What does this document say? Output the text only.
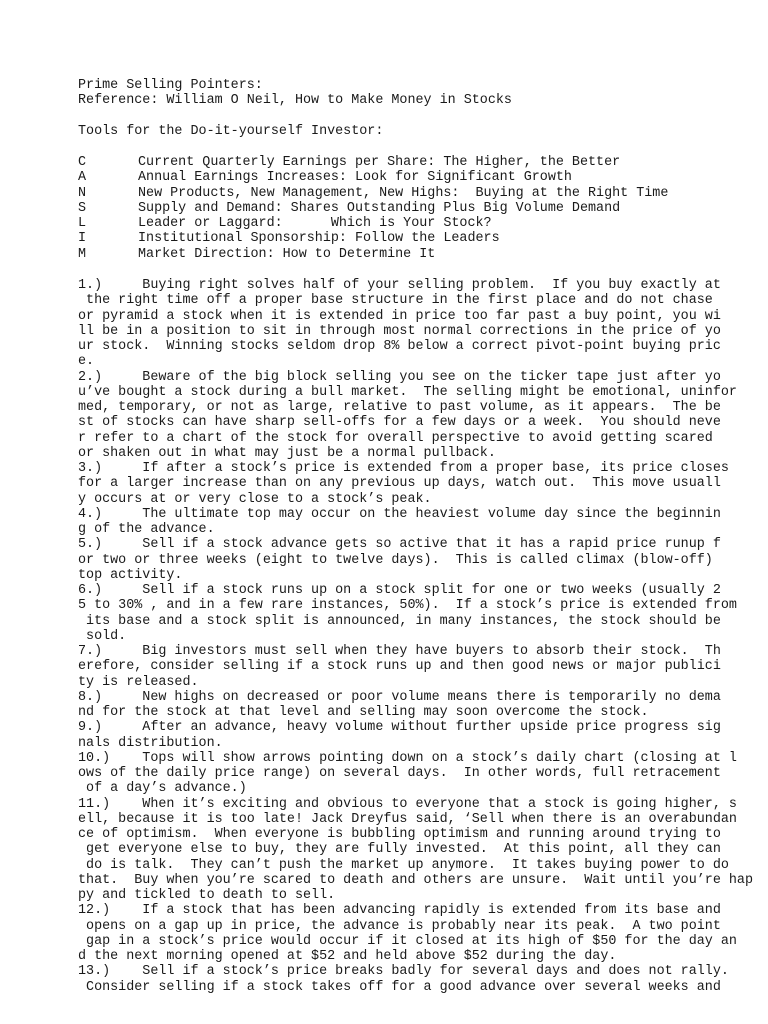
Prime Selling Pointers:

Reference: William O Neil, How to Make Money in Stocks

Tools for the Do-it-yourself Investor:

C	Current Quarterly Earnings per Share: The Higher, the Better
A	Annual Earnings Increases: Look for Significant Growth
N	New Products, New Management, New Highs:  Buying at the Right Time
S	Supply and Demand: Shares Outstanding Plus Big Volume Demand
L	Leader or Laggard:      Which is Your Stock?
I	Institutional Sponsorship: Follow the Leaders
M	Market Direction: How to Determine It
1.)     Buying right solves half of your selling problem.  If you buy exactly at
the right time off a proper base structure in the first place and do not chase
or pyramid a stock when it is extended in price too far past a buy point, you wi
ll be in a position to sit in through most normal corrections in the price of yo
ur stock.  Winning stocks seldom drop 8% below a correct pivot-point buying pric
e.
2.)     Beware of the big block selling you see on the ticker tape just after yo
u’ve bought a stock during a bull market.  The selling might be emotional, uninfor
med, temporary, or not as large, relative to past volume, as it appears.  The be
st of stocks can have sharp sell-offs for a few days or a week.  You should neve
r refer to a chart of the stock for overall perspective to avoid getting scared
or shaken out in what may just be a normal pullback.
3.)     If after a stock’s price is extended from a proper base, its price closes
for a larger increase than on any previous up days, watch out.  This move usuall
y occurs at or very close to a stock’s peak.
4.)     The ultimate top may occur on the heaviest volume day since the beginnin
g of the advance.
5.)     Sell if a stock advance gets so active that it has a rapid price runup f
or two or three weeks (eight to twelve days).  This is called climax (blow-off)
top activity.
6.)     Sell if a stock runs up on a stock split for one or two weeks (usually 2
5 to 30% , and in a few rare instances, 50%).  If a stock’s price is extended from
its base and a stock split is announced, in many instances, the stock should be
sold.
7.)     Big investors must sell when they have buyers to absorb their stock.  Th
erefore, consider selling if a stock runs up and then good news or major publici
ty is released.
8.)     New highs on decreased or poor volume means there is temporarily no dema
nd for the stock at that level and selling may soon overcome the stock.
9.)     After an advance, heavy volume without further upside price progress sig
nals distribution.
10.)    Tops will show arrows pointing down on a stock’s daily chart (closing at l
ows of the daily price range) on several days.  In other words, full retracement
of a day’s advance.)
11.)    When it’s exciting and obvious to everyone that a stock is going higher, s
ell, because it is too late! Jack Dreyfus said, ‘Sell when there is an overabundan
ce of optimism.  When everyone is bubbling optimism and running around trying to
get everyone else to buy, they are fully invested.  At this point, all they can
do is talk.  They can’t push the market up anymore.  It takes buying power to do
that.  Buy when you’re scared to death and others are unsure.  Wait until you’re hap
py and tickled to death to sell.
12.)    If a stock that has been advancing rapidly is extended from its base and
opens on a gap up in price, the advance is probably near its peak.  A two point
gap in a stock’s price would occur if it closed at its high of $50 for the day an
d the next morning opened at $52 and held above $52 during the day.
13.)    Sell if a stock’s price breaks badly for several days and does not rally.
Consider selling if a stock takes off for a good advance over several weeks and
